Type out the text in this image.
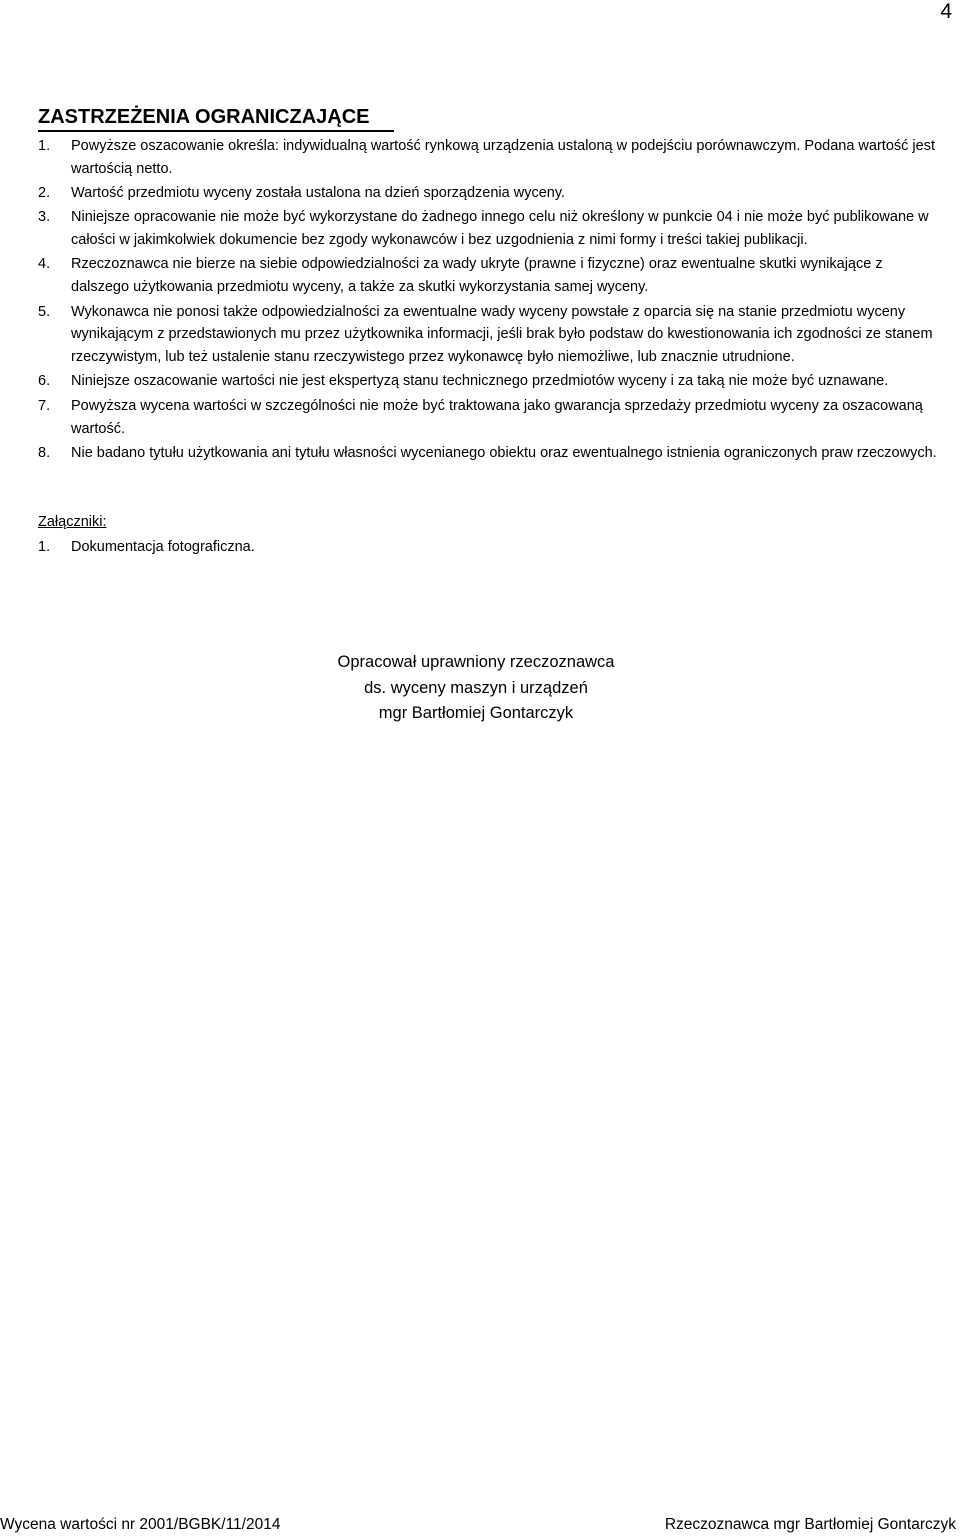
4
ZASTRZEŻENIA OGRANICZAJĄCE
1. Powyższe oszacowanie określa: indywidualną wartość rynkową urządzenia ustaloną w podejściu porównawczym. Podana wartość jest wartością netto.
2. Wartość przedmiotu wyceny została ustalona na dzień sporządzenia wyceny.
3. Niniejsze opracowanie nie może być wykorzystane do żadnego innego celu niż określony w punkcie 04 i nie może być publikowane w całości w jakimkolwiek dokumencie bez zgody wykonawców i bez uzgodnienia z nimi formy i treści takiej publikacji.
4. Rzeczoznawca nie bierze na siebie odpowiedzialności za wady ukryte (prawne i fizyczne) oraz ewentualne skutki wynikające z dalszego użytkowania przedmiotu wyceny, a także za skutki wykorzystania samej wyceny.
5. Wykonawca nie ponosi także odpowiedzialności za ewentualne wady wyceny powstałe z oparcia się na stanie przedmiotu wyceny wynikającym z przedstawionych mu przez użytkownika informacji, jeśli brak było podstaw do kwestionowania ich zgodności ze stanem rzeczywistym, lub też ustalenie stanu rzeczywistego przez wykonawcę było niemożliwe, lub znacznie utrudnione.
6. Niniejsze oszacowanie wartości nie jest ekspertyzą stanu technicznego przedmiotów wyceny i za taką nie może być uznawane.
7. Powyższa wycena wartości w szczególności nie może być traktowana jako gwarancja sprzedaży przedmiotu wyceny za oszacowaną wartość.
8. Nie badano tytułu użytkowania ani tytułu własności wycenianego obiektu oraz ewentualnego istnienia ograniczonych praw rzeczowych.
Załączniki:
1. Dokumentacja fotograficzna.
Opracował uprawniony rzeczoznawca
ds. wyceny maszyn i urządzeń
mgr Bartłomiej Gontarczyk
Wycena wartości nr 2001/BGBK/11/2014	Rzeczoznawca mgr Bartłomiej Gontarczyk
